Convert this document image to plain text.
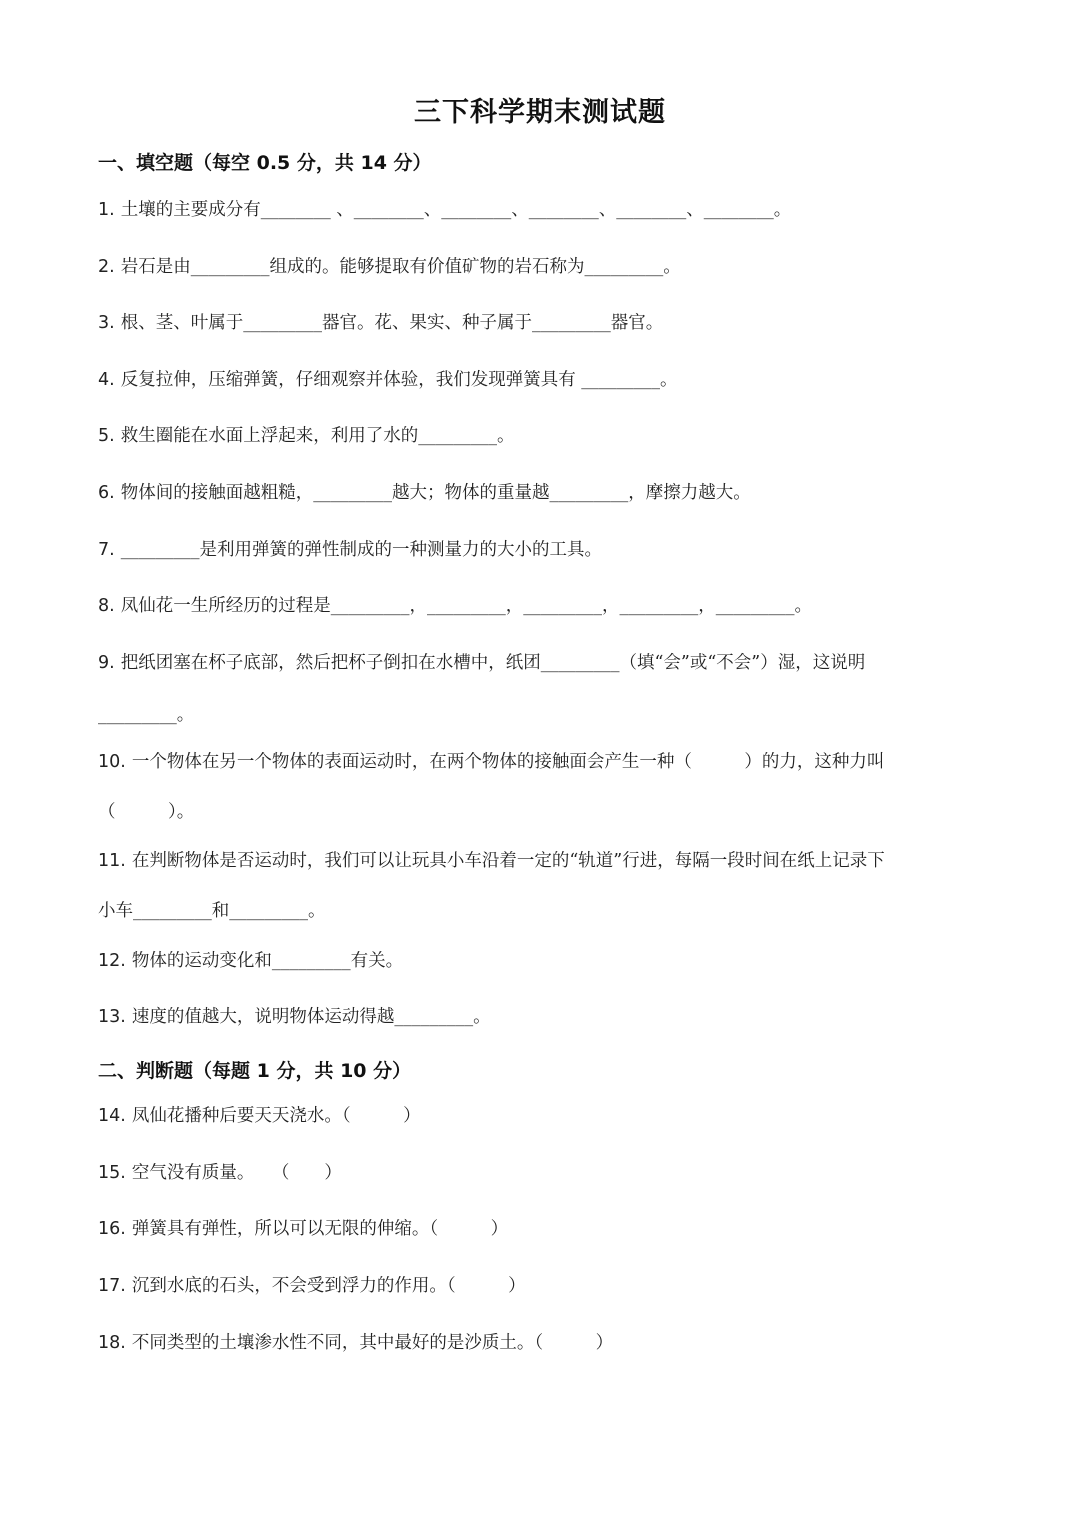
三下科学期末测试题
一、填空题（每空 0.5 分，共 14 分）
1. 土壤的主要成分有________ 、________、________、________、________、________。
2. 岩石是由_________组成的。能够提取有价值矿物的岩石称为_________。
3. 根、茎、叶属于_________器官。花、果实、种子属于_________器官。
4. 反复拉伸，压缩弹簧，仔细观察并体验，我们发现弹簧具有 _________。
5. 救生圈能在水面上浮起来，利用了水的_________。
6. 物体间的接触面越粗糙，_________越大；物体的重量越_________，摩擦力越大。
7. _________是利用弹簧的弹性制成的一种测量力的大小的工具。
8. 凤仙花一生所经历的过程是_________，_________，_________，_________，_________。
9. 把纸团塞在杯子底部，然后把杯子倒扣在水槽中，纸团_________（填“会”或“不会”）湿，这说明
_________。
10. 一个物体在另一个物体的表面运动时，在两个物体的接触面会产生一种（　　　）的力，这种力叫
（　　　）。
11. 在判断物体是否运动时，我们可以让玩具小车沿着一定的“轨道”行进，每隔一段时间在纸上记录下
小车_________和_________。
12. 物体的运动变化和_________有关。
13. 速度的值越大，说明物体运动得越_________。
二、判断题（每题 1 分，共 10 分）
14. 凤仙花播种后要天天浇水。（　　　）
15. 空气没有质量。　　（　　）
16. 弹簧具有弹性，所以可以无限的伸缩。（　　　）
17. 沉到水底的石头，不会受到浮力的作用。（　　　）
18. 不同类型的土壤渗水性不同，其中最好的是沙质土。（　　　）
